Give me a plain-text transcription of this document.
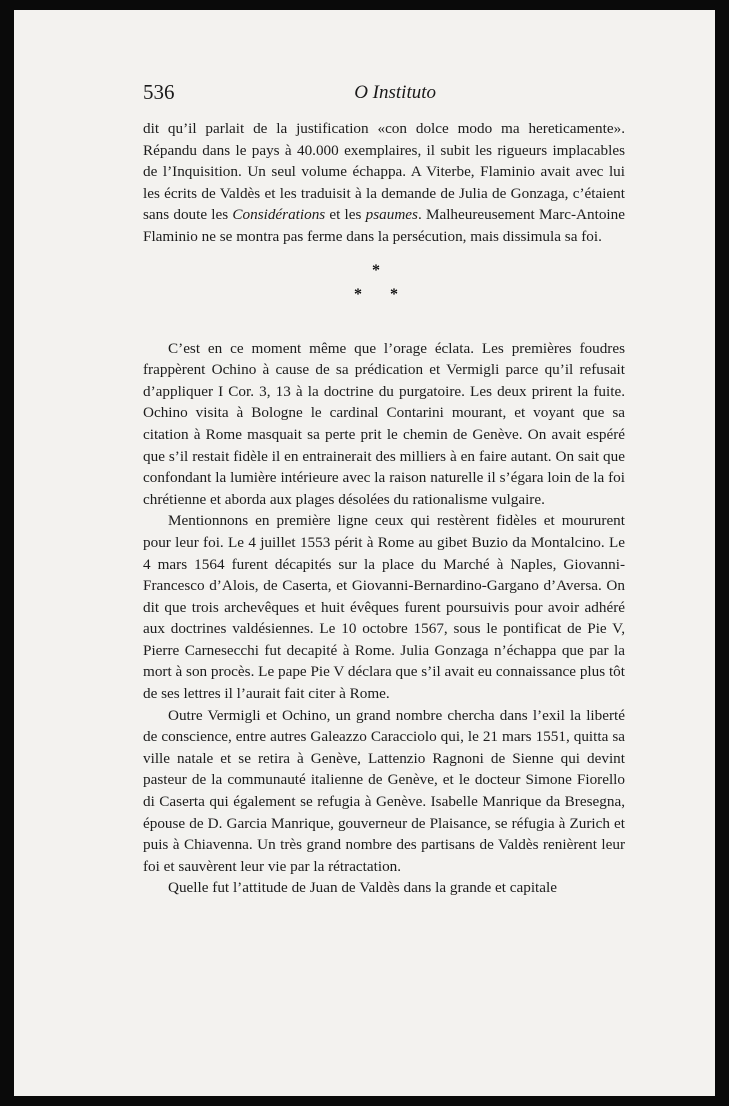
536	O Instituto

dit qu’il parlait de la justification «con dolce modo ma hereticamente». Répandu dans le pays à 40.000 exemplaires, il subit les rigueurs implacables de l’Inquisition. Un seul volume échappa. A Viterbe, Flaminio avait avec lui les écrits de Valdès et les traduisit à la demande de Julia de Gonzaga, c’étaient sans doute les Considérations et les psaumes. Malheureusement Marc-Antoine Flaminio ne se montra pas ferme dans la persécution, mais dissimula sa foi.

*
* *

C’est en ce moment même que l’orage éclata. Les premières foudres frappèrent Ochino à cause de sa prédication et Vermigli parce qu’il refusait d’appliquer I Cor. 3, 13 à la doctrine du purgatoire. Les deux prirent la fuite. Ochino visita à Bologne le cardinal Contarini mourant, et voyant que sa citation à Rome masquait sa perte prit le chemin de Genève. On avait espéré que s’il restait fidèle il en entrainerait des milliers à en faire autant. On sait que confondant la lumière intérieure avec la raison naturelle il s’égara loin de la foi chrétienne et aborda aux plages désolées du rationalisme vulgaire.

Mentionnons en première ligne ceux qui restèrent fidèles et moururent pour leur foi. Le 4 juillet 1553 périt à Rome au gibet Buzio da Montalcino. Le 4 mars 1564 furent décapités sur la place du Marché à Naples, Giovanni-Francesco d’Alois, de Caserta, et Giovanni-Bernardino-Gargano d’Aversa. On dit que trois archevêques et huit évêques furent poursuivis pour avoir adhéré aux doctrines valdésiennes. Le 10 octobre 1567, sous le pontificat de Pie V, Pierre Carnesecchi fut decapité à Rome. Julia Gonzaga n’échappa que par la mort à son procès. Le pape Pie V déclara que s’il avait eu connaissance plus tôt de ses lettres il l’aurait fait citer à Rome.

Outre Vermigli et Ochino, un grand nombre chercha dans l’exil la liberté de conscience, entre autres Galeazzo Caracciolo qui, le 21 mars 1551, quitta sa ville natale et se retira à Genève, Lattenzio Ragnoni de Sienne qui devint pasteur de la communauté italienne de Genève, et le docteur Simone Fiorello di Caserta qui également se refugia à Genève. Isabelle Manrique da Bresegna, épouse de D. Garcia Manrique, gouverneur de Plaisance, se réfugia à Zurich et puis à Chiavenna. Un très grand nombre des partisans de Valdès renièrent leur foi et sauvèrent leur vie par la rétractation.

Quelle fut l’attitude de Juan de Valdès dans la grande et capitale
